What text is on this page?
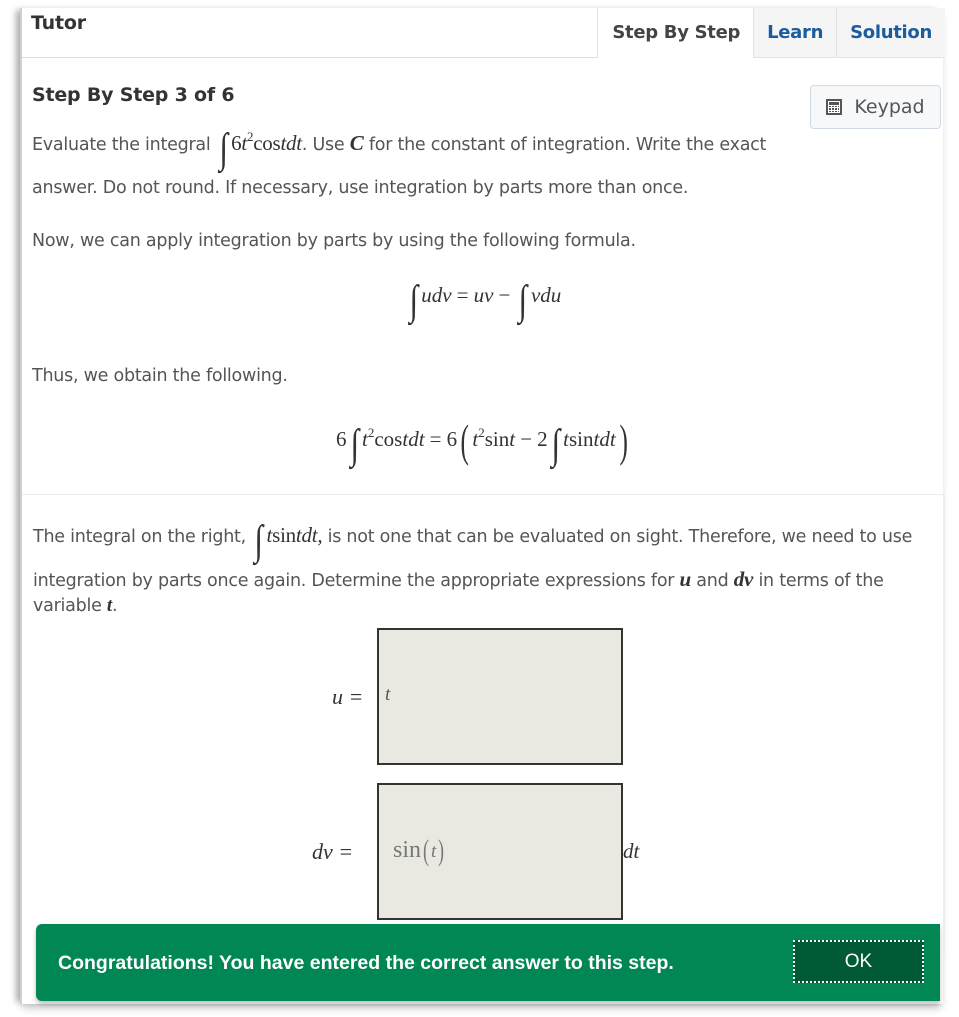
Tutor	Step By Step	Learn	Solution
Step By Step 3 of 6
Keypad
Evaluate the integral ∫ $6t^2costdt$. Use C for the constant of integration. Write the exact
answer. Do not round. If necessary, use integration by parts more than once.
Now, we can apply integration by parts by using the following formula.
∫ udv = uv − ∫ vdu
Thus, we obtain the following.
6∫ $t^2costdt = 6$( $t^2\sin t - 2\int$ tsintdt)
The integral on the right, ∫ tsintdt, is not one that can be evaluated on sight. Therefore, we need to use
integration by parts once again. Determine the appropriate expressions for u and dv in terms of the
variable t.
u = t
dv = sin( t)	dt
Congratulations! You have entered the correct answer to this step.	OK
